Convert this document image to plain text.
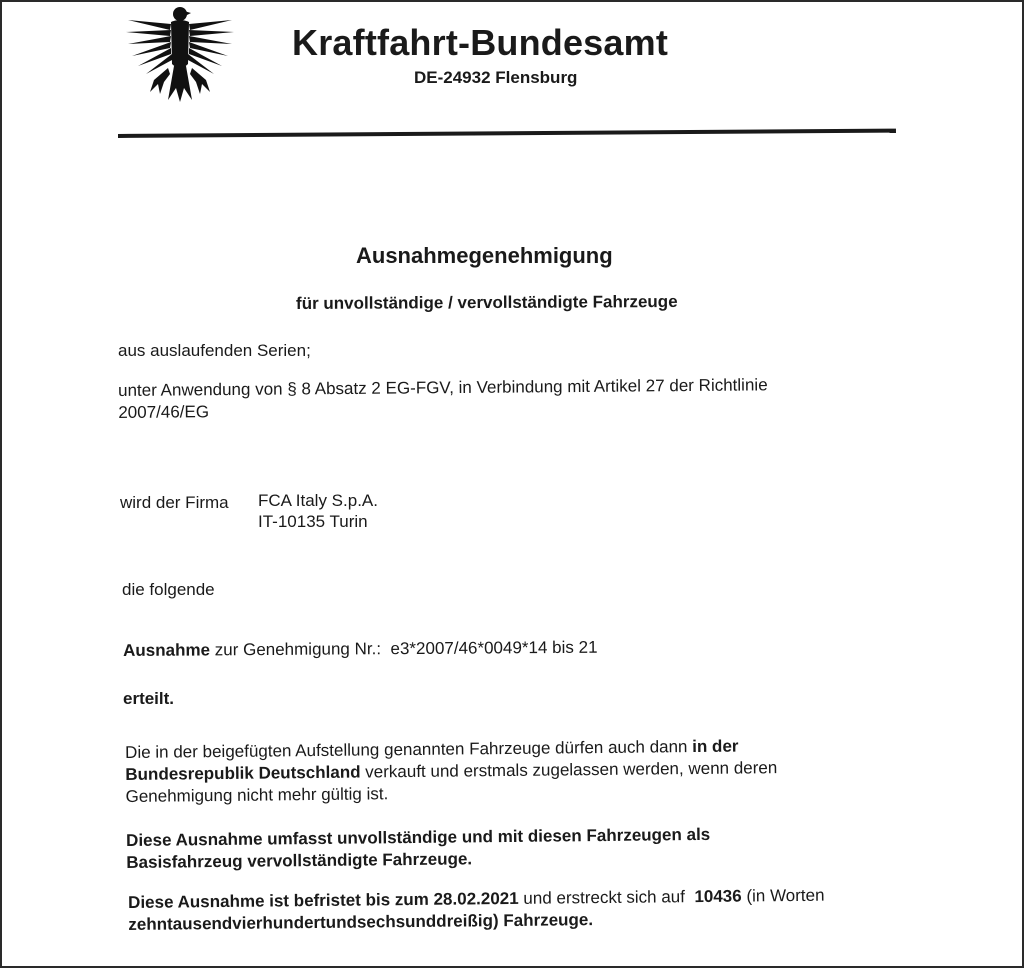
Kraftfahrt-Bundesamt
DE-24932 Flensburg
Ausnahmegenehmigung
für unvollständige / vervollständigte Fahrzeuge
aus auslaufenden Serien;
unter Anwendung von § 8 Absatz 2 EG-FGV, in Verbindung mit Artikel 27 der Richtlinie
2007/46/EG
wird der Firma FCA Italy S.p.A.
IT-10135 Turin
die folgende
Ausnahme zur Genehmigung Nr.: e3*2007/46*0049*14 bis 21
erteilt.
Die in der beigefügten Aufstellung genannten Fahrzeuge dürfen auch dann in der
Bundesrepublik Deutschland verkauft und erstmals zugelassen werden, wenn deren
Genehmigung nicht mehr gültig ist.
Diese Ausnahme umfasst unvollständige und mit diesen Fahrzeugen als
Basisfahrzeug vervollständigte Fahrzeuge.
Diese Ausnahme ist befristet bis zum 28.02.2021 und erstreckt sich auf  10436 (in Worten
zehntausendvierhundertundsechsunddreißig) Fahrzeuge.
